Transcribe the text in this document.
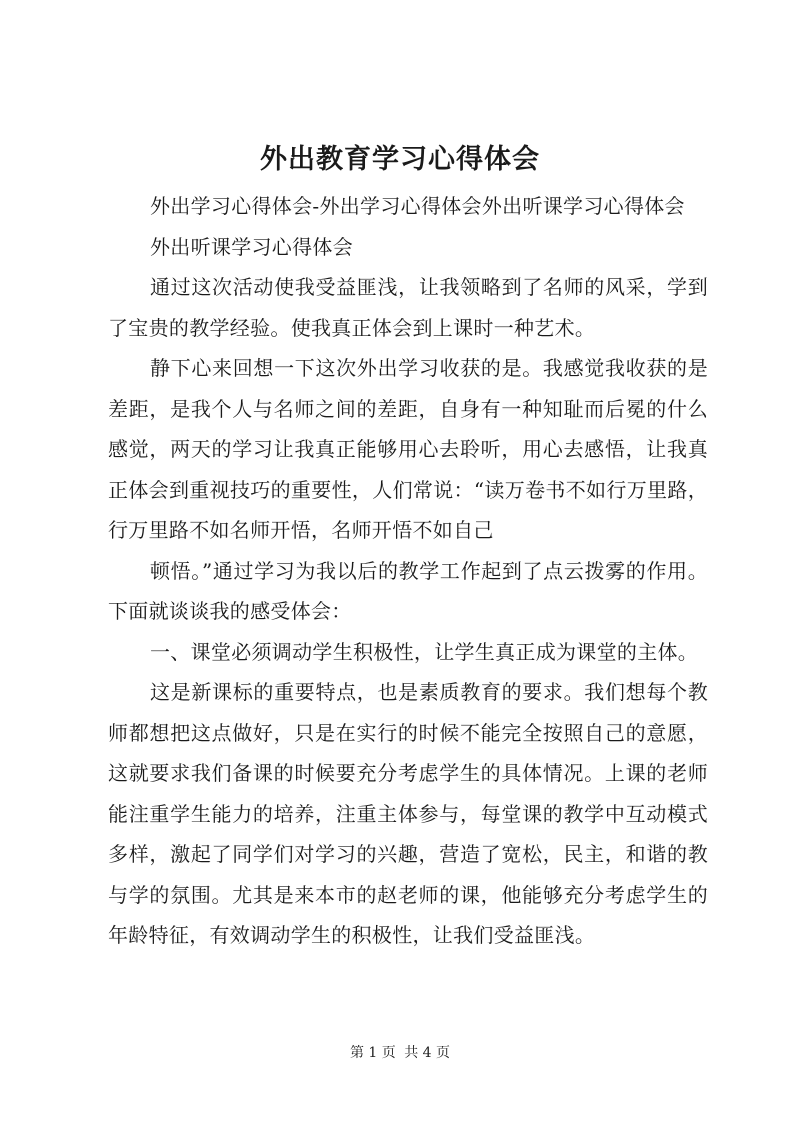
外出教育学习心得体会

外出学习心得体会-外出学习心得体会外出听课学习心得体会

外出听课学习心得体会

通过这次活动使我受益匪浅，让我领略到了名师的风采，学到了宝贵的教学经验。使我真正体会到上课时一种艺术。

静下心来回想一下这次外出学习收获的是。我感觉我收获的是差距，是我个人与名师之间的差距，自身有一种知耻而后冕的什么感觉，两天的学习让我真正能够用心去聆听，用心去感悟，让我真正体会到重视技巧的重要性，人们常说：“读万卷书不如行万里路，行万里路不如名师开悟，名师开悟不如自己

顿悟。”通过学习为我以后的教学工作起到了点云拨雾的作用。下面就谈谈我的感受体会：

一、课堂必须调动学生积极性，让学生真正成为课堂的主体。

这是新课标的重要特点，也是素质教育的要求。我们想每个教师都想把这点做好，只是在实行的时候不能完全按照自己的意愿，这就要求我们备课的时候要充分考虑学生的具体情况。上课的老师能注重学生能力的培养，注重主体参与，每堂课的教学中互动模式多样，激起了同学们对学习的兴趣，营造了宽松，民主，和谐的教与学的氛围。尤其是来本市的赵老师的课，他能够充分考虑学生的年龄特征，有效调动学生的积极性，让我们受益匪浅。

第 1 页 共 4 页
